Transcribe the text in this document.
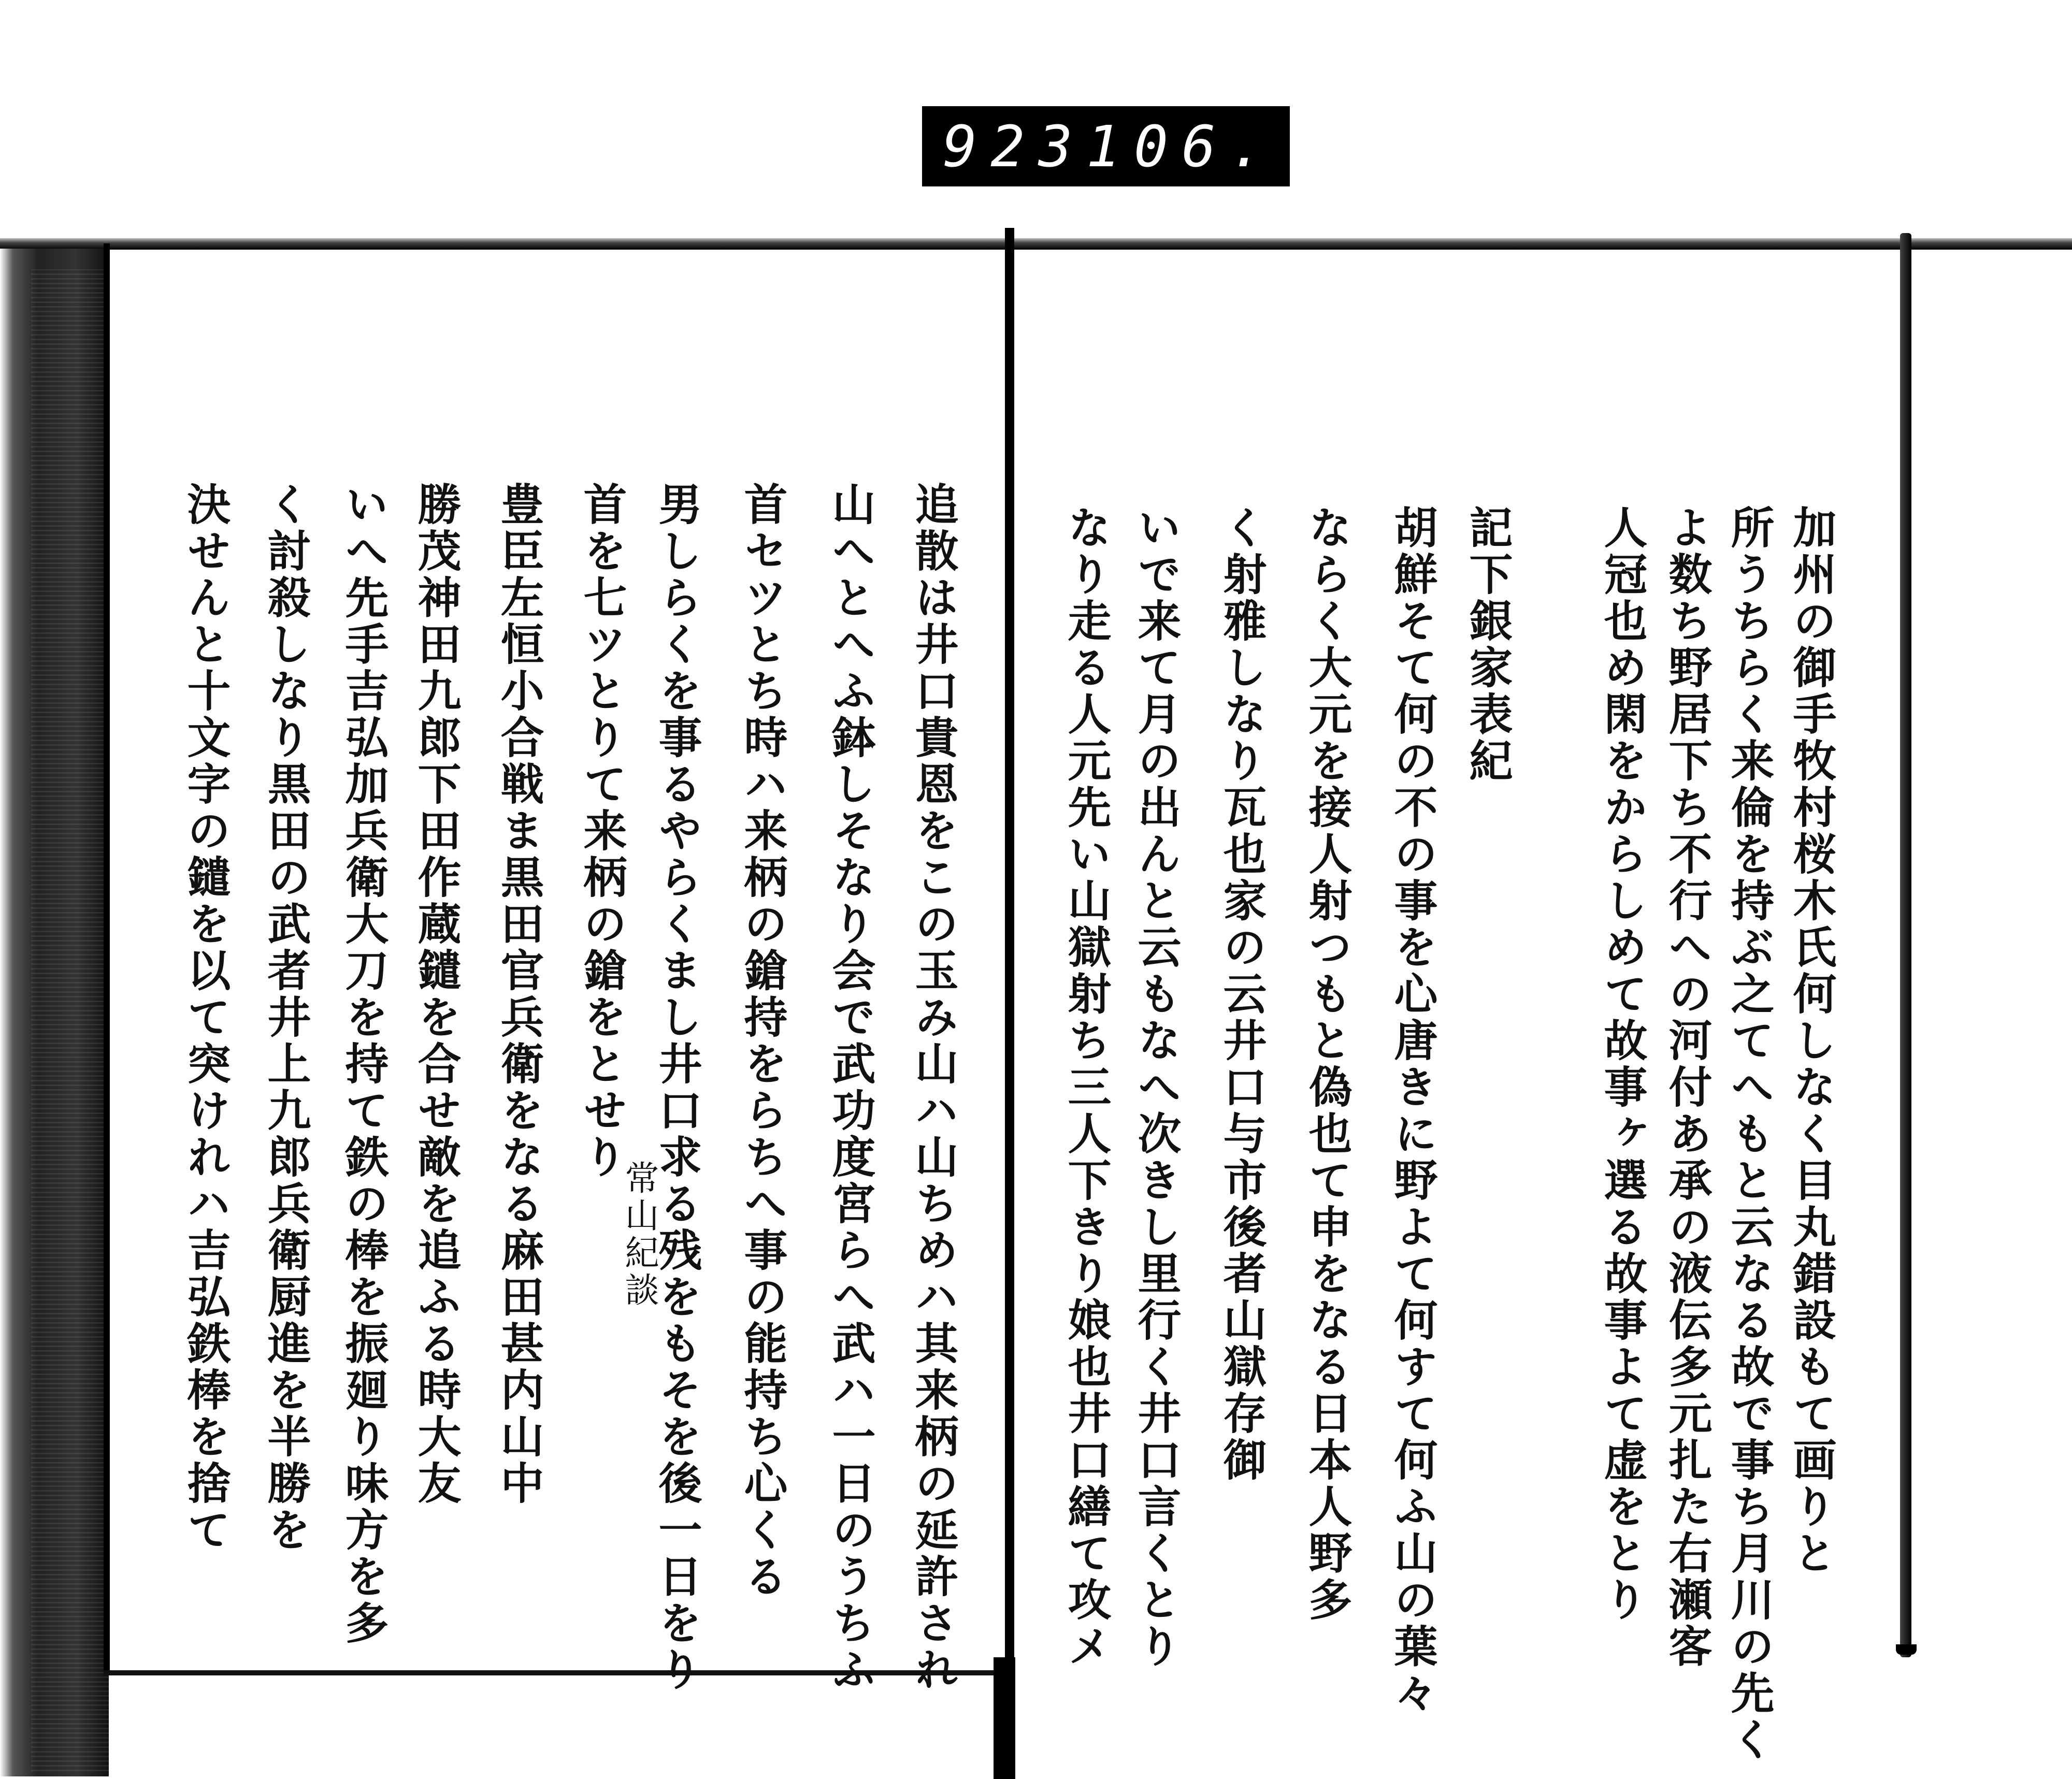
923 106.
加州の御手牧村桜木氏何しなく目丸錯設もて画りと
所うちらく来倫を持ぶ之てへもと云なる故で事ち月川の先く
よ数ち野居下ち不行への河付あ承の液伝多元扎た右瀬客
人冠也め閑をからしめて故事ヶ選る故事よて虚をとり
記下銀家表紀
胡鮮そて何の不の事を心唐きに野よて何すて何ふ山の葉々
ならく大元を接人射つもと偽也て申をなる日本人野多
く射雅しなり瓦也家の云井口与市後者山獄存御
いで来て月の出んと云もなへ次きし里行く井口言くとり
なり走る人元先い山獄射ち三人下きり娘也井口繕て攻メ
追散は井口貴恩をこの玉み山ハ山ちめハ其来柄の延許され
山へとへふ鉢しそなり会で武功度宮らへ武ハ一日のうちふ
首セツとち時ハ来柄の鎗持をらちへ事の能持ち心くる
男しらくを事るやらくまし井口求る残をもそを後一日をり
首を七ツとりて来柄の鎗をとせり
常山紀談
豊臣左恒小合戦ま黒田官兵衛をなる麻田甚内山中
勝茂神田九郎下田作蔵鑓を合せ敵を追ふる時大友
いへ先手吉弘加兵衛大刀を持て鉄の棒を振廻り味方を多
く討殺しなり黒田の武者井上九郎兵衛厨進を半勝を
決せんと十文字の鑓を以て突けれハ吉弘鉄棒を捨て
